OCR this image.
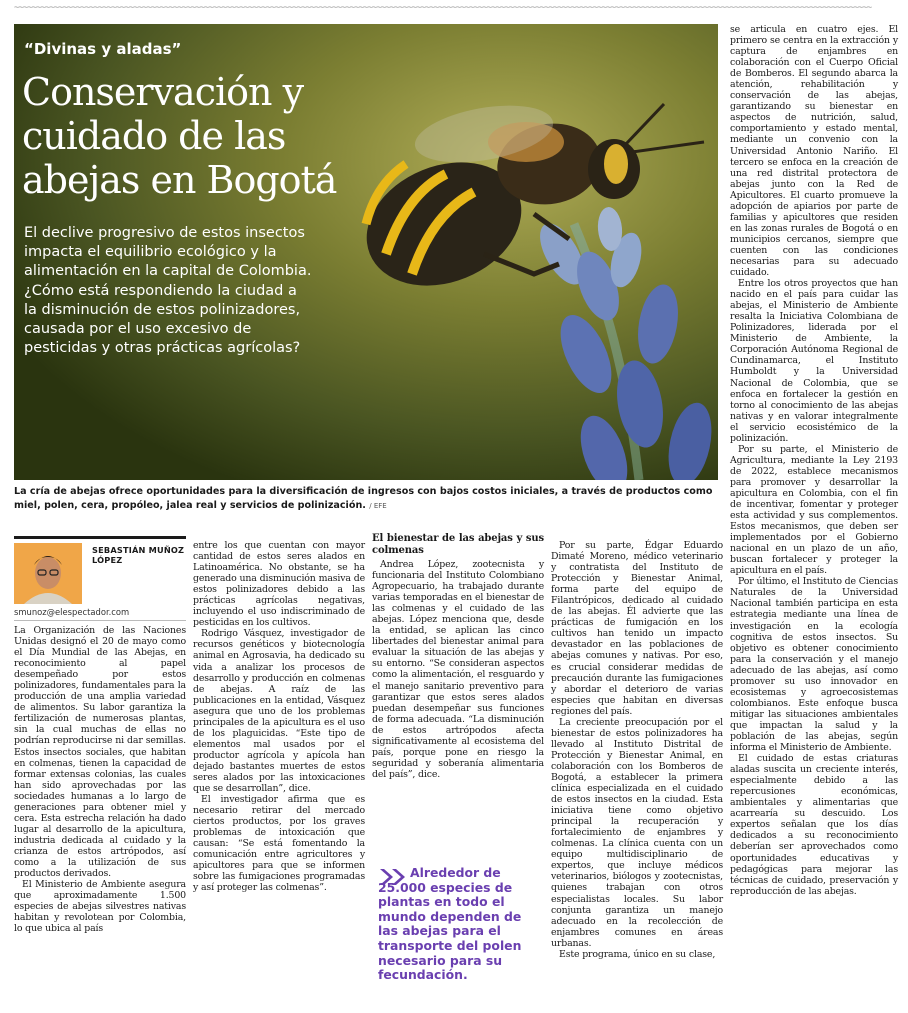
~~~~~~~~~~~~~~~~~~~~~~~~~~~~~~~~~~~~~~~~~~~~~~~~~~~~~~~~~~~~~~~~~~~~~~~~~~~~~~~~~~~~~~~~~~~~~~~~~~~~~~~~~~~~~~~~~~~~~~~~~~~~~~~~~~~~~~~~~~~~~~~~~~~~~~~~~~~~~~~~~~~~~~~~~~~~~~~~~~~~~~~~~~~~~~~~~~
“Divinas y aladas”
Conservación y cuidado de las abejas en Bogotá
El declive progresivo de estos insectos impacta el equilibrio ecológico y la alimentación en la capital de Colombia. ¿Cómo está respondiendo la ciudad a la disminución de estos polinizadores, causada por el uso excesivo de pesticidas y otras prácticas agrícolas?
La cría de abejas ofrece oportunidades para la diversificación de ingresos con bajos costos iniciales, a través de productos como miel, polen, cera, propóleo, jalea real y servicios de polinización. / EFE
SEBASTIÁN MUÑOZ LÓPEZ
smunoz@elespectador.com

La Organización de las Naciones Unidas designó el 20 de mayo como el Día Mundial de las Abejas, en reconocimiento al papel desempeñado por estos polinizadores, fundamentales para la producción de una amplia variedad de alimentos. Su labor garantiza la fertilización de numerosas plantas, sin la cual muchas de ellas no podrían reproducirse ni dar semillas. Estos insectos sociales, que habitan en colmenas, tienen la capacidad de formar extensas colonias, las cuales han sido aprovechadas por las sociedades humanas a lo largo de generaciones para obtener miel y cera. Esta estrecha relación ha dado lugar al desarrollo de la apicultura, industria dedicada al cuidado y la crianza de estos artrópodos, así como a la utilización de sus productos derivados.

El Ministerio de Ambiente asegura que aproximadamente 1.500 especies de abejas silvestres nativas habitan y revolotean por Colombia, lo que ubica al país

entre los que cuentan con mayor cantidad de estos seres alados en Latinoamérica. No obstante, se ha generado una disminución masiva de estos polinizadores debido a las prácticas agrícolas negativas, incluyendo el uso indiscriminado de pesticidas en los cultivos.

Rodrigo Vásquez, investigador de recursos genéticos y biotecnología animal en Agrosavia, ha dedicado su vida a analizar los procesos de desarrollo y producción en colmenas de abejas. A raíz de las publicaciones en la entidad, Vásquez asegura que uno de los problemas principales de la apicultura es el uso de los plaguicidas. “Este tipo de elementos mal usados por el productor agrícola y apícola han dejado bastantes muertes de estos seres alados por las intoxicaciones que se desarrollan”, dice.

El investigador afirma que es necesario retirar del mercado ciertos productos, por los graves problemas de intoxicación que causan: “Se está fomentando la comunicación entre agricultores y apicultores para que se informen sobre las fumigaciones programadas y así proteger las colmenas”.

El bienestar de las abejas y sus colmenas

Andrea López, zootecnista y funcionaria del Instituto Colombiano Agropecuario, ha trabajado durante varias temporadas en el bienestar de las colmenas y el cuidado de las abejas. López menciona que, desde la entidad, se aplican las cinco libertades del bienestar animal para evaluar la situación de las abejas y su entorno. “Se consideran aspectos como la alimentación, el resguardo y el manejo sanitario preventivo para garantizar que estos seres alados puedan desempeñar sus funciones de forma adecuada. “La disminución de estos artrópodos afecta significativamente al ecosistema del país, porque pone en riesgo la seguridad y soberanía alimentaria del país”, dice.

Alrededor de 25.000 especies de plantas en todo el mundo dependen de las abejas para el transporte del polen necesario para su fecundación.

Por su parte, Édgar Eduardo Dimaté Moreno, médico veterinario y contratista del Instituto de Protección y Bienestar Animal, forma parte del equipo de Filantrópicos, dedicado al cuidado de las abejas. Él advierte que las prácticas de fumigación en los cultivos han tenido un impacto devastador en las poblaciones de abejas comunes y nativas. Por eso, es crucial considerar medidas de precaución durante las fumigaciones y abordar el deterioro de varias especies que habitan en diversas regiones del país.

La creciente preocupación por el bienestar de estos polinizadores ha llevado al Instituto Distrital de Protección y Bienestar Animal, en colaboración con los Bomberos de Bogotá, a establecer la primera clínica especializada en el cuidado de estos insectos en la ciudad. Esta iniciativa tiene como objetivo principal la recuperación y fortalecimiento de enjambres y colmenas. La clínica cuenta con un equipo multidisciplinario de expertos, que incluye médicos veterinarios, biólogos y zootecnistas, quienes trabajan con otros especialistas locales. Su labor conjunta garantiza un manejo adecuado en la recolección de enjambres comunes en áreas urbanas.

Este programa, único en su clase,

se articula en cuatro ejes. El primero se centra en la extracción y captura de enjambres en colaboración con el Cuerpo Oficial de Bomberos. El segundo abarca la atención, rehabilitación y conservación de las abejas, garantizando su bienestar en aspectos de nutrición, salud, comportamiento y estado mental, mediante un convenio con la Universidad Antonio Nariño. El tercero se enfoca en la creación de una red distrital protectora de abejas junto con la Red de Apicultores. El cuarto promueve la adopción de apiarios por parte de familias y apicultores que residen en las zonas rurales de Bogotá o en municipios cercanos, siempre que cuenten con las condiciones necesarias para su adecuado cuidado.

Entre los otros proyectos que han nacido en el país para cuidar las abejas, el Ministerio de Ambiente resalta la Iniciativa Colombiana de Polinizadores, liderada por el Ministerio de Ambiente, la Corporación Autónoma Regional de Cundinamarca, el Instituto Humboldt y la Universidad Nacional de Colombia, que se enfoca en fortalecer la gestión en torno al conocimiento de las abejas nativas y en valorar integralmente el servicio ecosistémico de la polinización.

Por su parte, el Ministerio de Agricultura, mediante la Ley 2193 de 2022, establece mecanismos para promover y desarrollar la apicultura en Colombia, con el fin de incentivar, fomentar y proteger esta actividad y sus complementos. Estos mecanismos, que deben ser implementados por el Gobierno nacional en un plazo de un año, buscan fortalecer y proteger la apicultura en el país.

Por último, el Instituto de Ciencias Naturales de la Universidad Nacional también participa en esta estrategia mediante una línea de investigación en la ecología cognitiva de estos insectos. Su objetivo es obtener conocimiento para la conservación y el manejo adecuado de las abejas, así como promover su uso innovador en ecosistemas y agroecosistemas colombianos. Este enfoque busca mitigar las situaciones ambientales que impactan la salud y la población de las abejas, según informa el Ministerio de Ambiente.

El cuidado de estas criaturas aladas suscita un creciente interés, especialmente debido a las repercusiones económicas, ambientales y alimentarias que acarrearía su descuido. Los expertos señalan que los días dedicados a su reconocimiento deberían ser aprovechados como oportunidades educativas y pedagógicas para mejorar las técnicas de cuidado, preservación y reproducción de las abejas.
